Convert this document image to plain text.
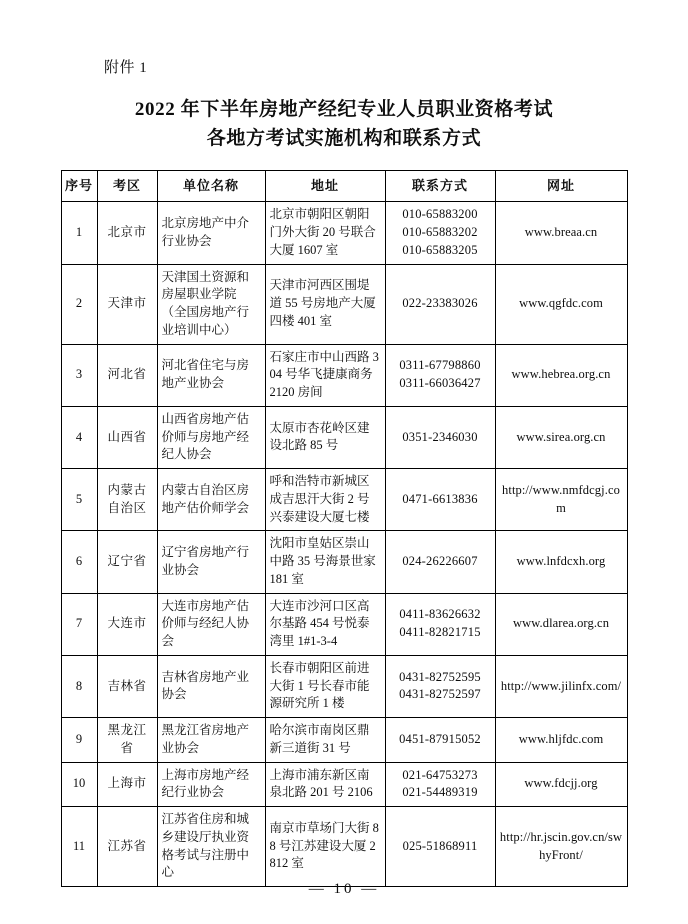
附件 1
2022 年下半年房地产经纪专业人员职业资格考试
各地方考试实施机构和联系方式
序号	考区	单位名称	地址	联系方式	网址
1	北京市	北京房地产中介行业协会	北京市朝阳区朝阳门外大街 20 号联合大厦 1607 室	010-65883200
010-65883202
010-65883205	www.breaa.cn
2	天津市	天津国土资源和房屋职业学院（全国房地产行业培训中心）	天津市河西区围堤道 55 号房地产大厦四楼 401 室	022-23383026	www.qgfdc.com
3	河北省	河北省住宅与房地产业协会	石家庄市中山西路 304 号华飞捷康商务 2120 房间	0311-67798860
0311-66036427	www.hebrea.org.cn
4	山西省	山西省房地产估价师与房地产经纪人协会	太原市杏花岭区建设北路 85 号	0351-2346030	www.sirea.org.cn
5	内蒙古自治区	内蒙古自治区房地产估价师学会	呼和浩特市新城区成吉思汗大街 2 号兴泰建设大厦七楼	0471-6613836	http://www.nmfdcgj.com
6	辽宁省	辽宁省房地产行业协会	沈阳市皇姑区崇山中路 35 号海景世家 181 室	024-26226607	www.lnfdcxh.org
7	大连市	大连市房地产估价师与经纪人协会	大连市沙河口区高尔基路 454 号悦泰湾里 1#1-3-4	0411-83626632
0411-82821715	www.dlarea.org.cn
8	吉林省	吉林省房地产业协会	长春市朝阳区前进大街 1 号长春市能源研究所 1 楼	0431-82752595
0431-82752597	http://www.jilinfx.com/
9	黑龙江省	黑龙江省房地产业协会	哈尔滨市南岗区鼎新三道街 31 号	0451-87915052	www.hljfdc.com
10	上海市	上海市房地产经纪行业协会	上海市浦东新区南泉北路 201 号 2106	021-64753273
021-54489319	www.fdcjj.org
11	江苏省	江苏省住房和城乡建设厅执业资格考试与注册中心	南京市草场门大街 88 号江苏建设大厦 2812 室	025-51868911	http://hr.jscin.gov.cn/swhyFront/
— 10 —
